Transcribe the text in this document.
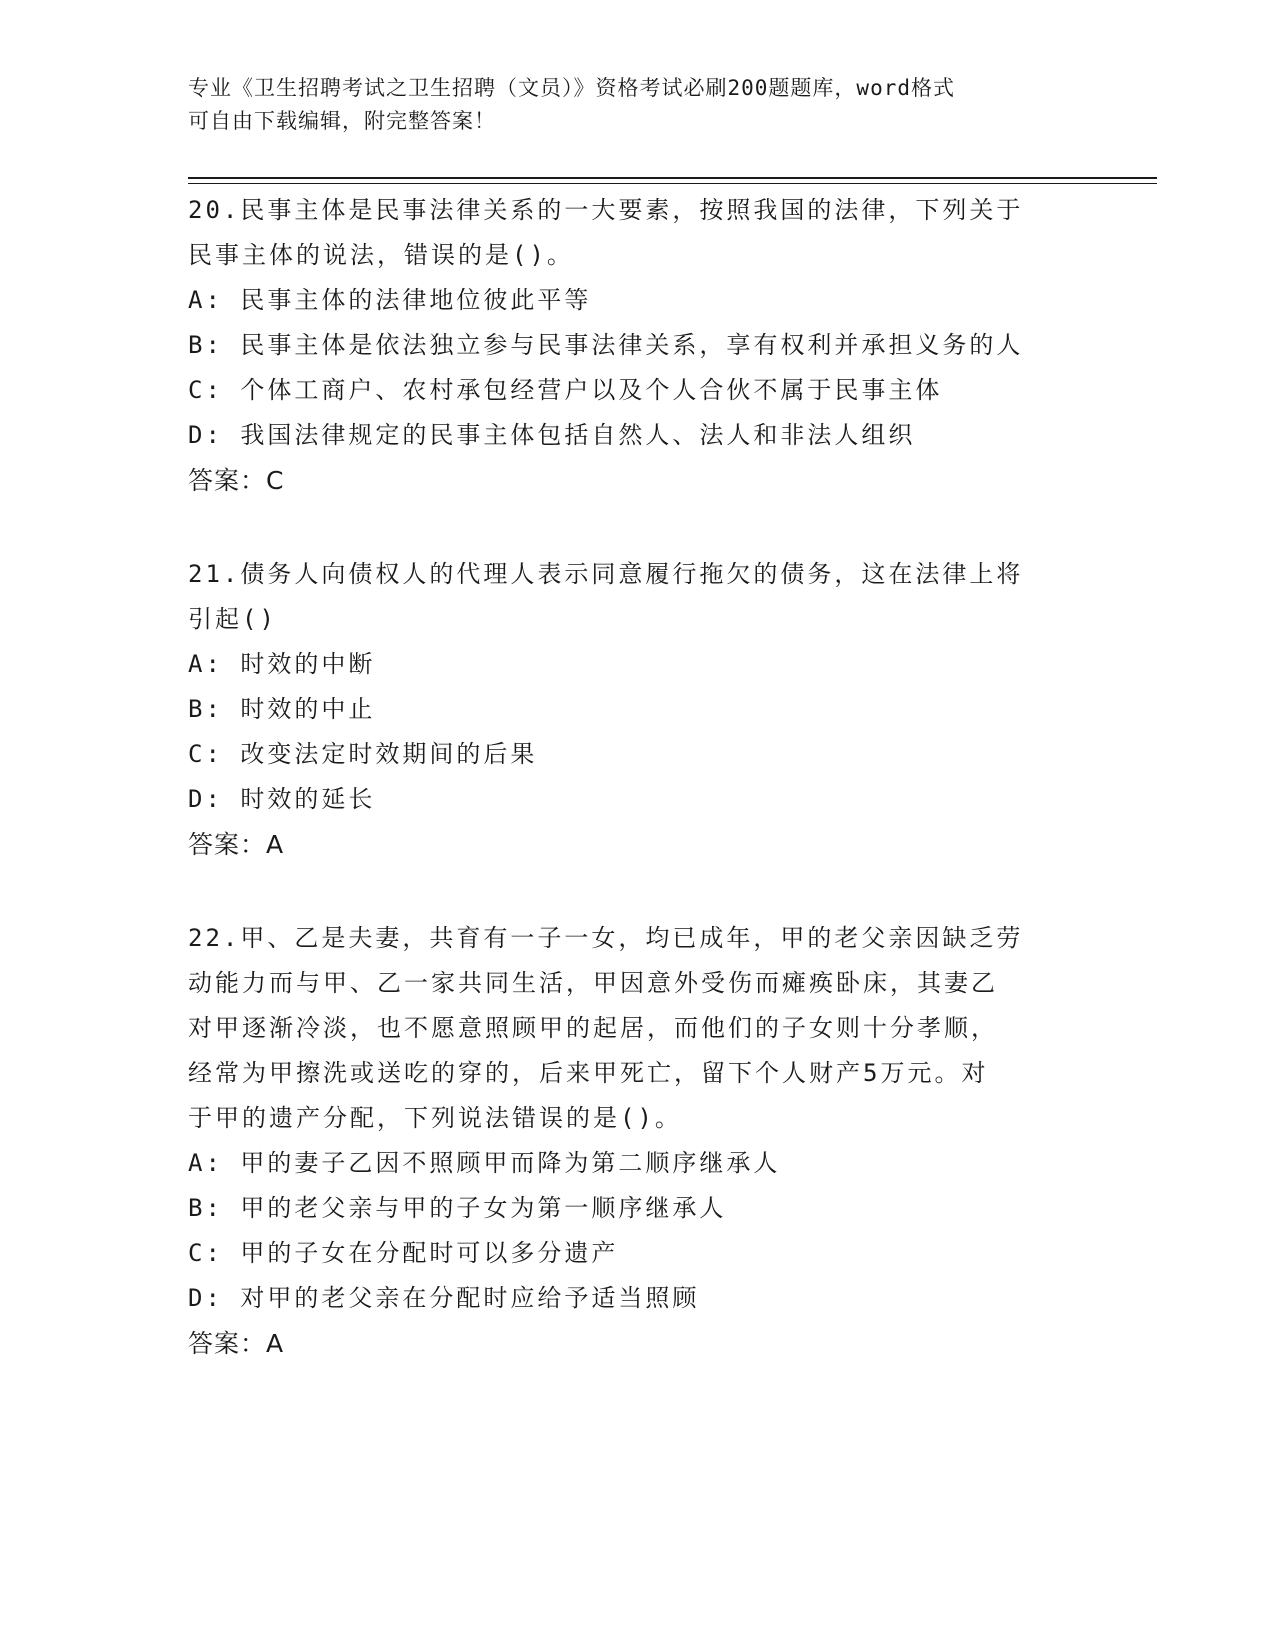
专业《卫生招聘考试之卫生招聘（文员）》资格考试必刷200题题库，word格式
可自由下载编辑，附完整答案！

20.民事主体是民事法律关系的一大要素，按照我国的法律，下列关于

民事主体的说法，错误的是()。

A: 民事主体的法律地位彼此平等

B: 民事主体是依法独立参与民事法律关系，享有权利并承担义务的人

C: 个体工商户、农村承包经营户以及个人合伙不属于民事主体

D: 我国法律规定的民事主体包括自然人、法人和非法人组织

答案：C

21.债务人向债权人的代理人表示同意履行拖欠的债务，这在法律上将

引起()

A: 时效的中断

B: 时效的中止

C: 改变法定时效期间的后果

D: 时效的延长

答案：A

22.甲、乙是夫妻，共育有一子一女，均已成年，甲的老父亲因缺乏劳

动能力而与甲、乙一家共同生活，甲因意外受伤而瘫痪卧床，其妻乙

对甲逐渐冷淡，也不愿意照顾甲的起居，而他们的子女则十分孝顺，

经常为甲擦洗或送吃的穿的，后来甲死亡，留下个人财产5万元。对

于甲的遗产分配，下列说法错误的是()。

A: 甲的妻子乙因不照顾甲而降为第二顺序继承人

B: 甲的老父亲与甲的子女为第一顺序继承人

C: 甲的子女在分配时可以多分遗产

D: 对甲的老父亲在分配时应给予适当照顾

答案：A
